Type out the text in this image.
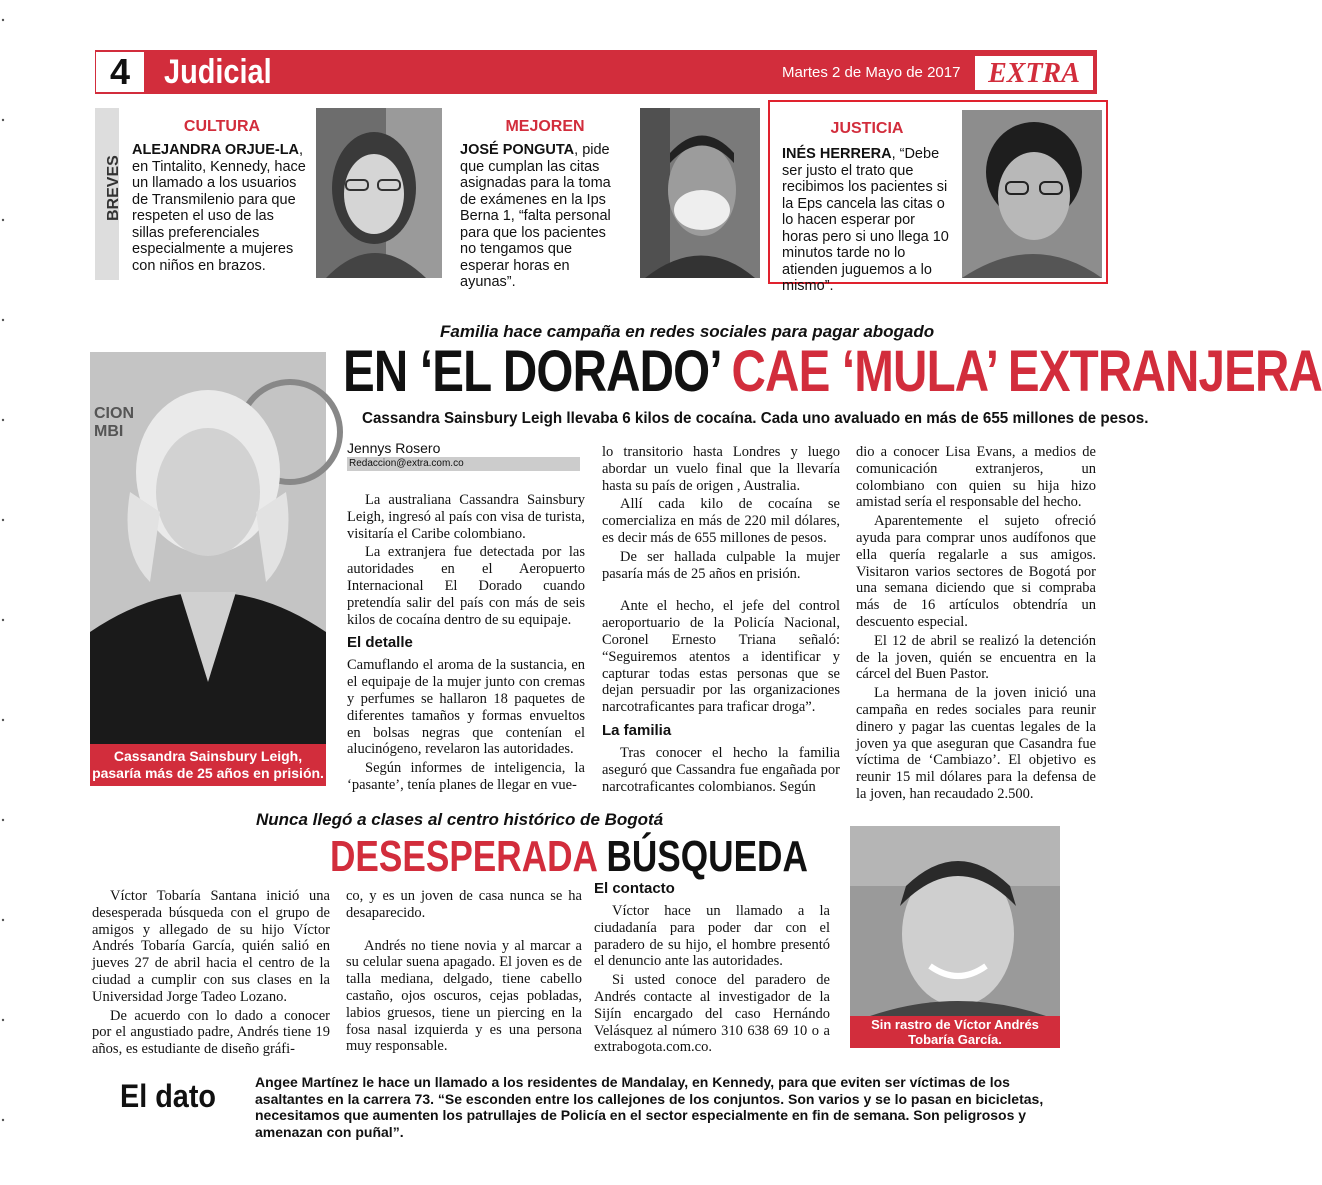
4 Judicial	Martes 2 de Mayo de 2017 EXTRA
BREVES
CULTURA
ALEJANDRA ORJUE-LA, en Tintalito, Kennedy, hace un llamado a los usuarios de Transmilenio para que respeten el uso de las sillas preferenciales especialmente a mujeres con niños en brazos.
MEJOREN
JOSÉ PONGUTA, pide que cumplan las citas asignadas para la toma de exámenes en la Ips Berna 1, “falta personal para que los pacientes no tengamos que esperar horas en ayunas”.
JUSTICIA
INÉS HERRERA, “Debe ser justo el trato que recibimos los pacientes si la Eps cancela las citas o lo hacen esperar por horas pero si uno llega 10 minutos tarde no lo atienden juguemos a lo mismo”.
Familia hace campaña en redes sociales para pagar abogado
EN ‘EL DORADO’ CAE ‘MULA’ EXTRANJERA
Cassandra Sainsbury Leigh llevaba 6 kilos de cocaína. Cada uno avaluado en más de 655 millones de pesos.
CION
MBI
Cassandra Sainsbury Leigh, pasaría más de 25 años en prisión.
Jennys Rosero
Redaccion@extra.com.co

La australiana Cassandra Sainsbury Leigh, ingresó al país con visa de turista, visitaría el Caribe colombiano.

La extranjera fue detectada por las autoridades en el Aeropuerto Internacional El Dorado cuando pretendía salir del país con más de seis kilos de cocaína dentro de su equipaje.

El detalle

Camuflando el aroma de la sustancia, en el equipaje de la mujer junto con cremas y perfumes se hallaron 18 paquetes de diferentes tamaños y formas envueltos en bolsas negras que contenían el alucinógeno, revelaron las autoridades.

Según informes de inteligencia, la ‘pasante’, tenía planes de llegar en vue-

lo transitorio hasta Londres y luego abordar un vuelo final que la llevaría hasta su país de origen , Australia.

Allí cada kilo de cocaína se comercializa en más de 220 mil dólares, es decir más de 655 millones de pesos.

De ser hallada culpable la mujer pasaría más de 25 años en prisión.

Ante el hecho, el jefe del control aeroportuario de la Policía Nacional, Coronel Ernesto Triana señaló: “Seguiremos atentos a identificar y capturar todas estas personas que se dejan persuadir por las organizaciones narcotraficantes para traficar droga”.

La familia

Tras conocer el hecho la familia aseguró que Cassandra fue engañada por narcotraficantes colombianos. Según

dio a conocer Lisa Evans, a medios de comunicación extranjeros, un colombiano con quien su hija hizo amistad sería el responsable del hecho.

Aparentemente el sujeto ofreció ayuda para comprar unos audífonos que ella quería regalarle a sus amigos. Visitaron varios sectores de Bogotá por una semana diciendo que si compraba más de 16 artículos obtendría un descuento especial.

El 12 de abril se realizó la detención de la joven, quién se encuentra en la cárcel del Buen Pastor.

La hermana de la joven inició una campaña en redes sociales para reunir dinero y pagar las cuentas legales de la joven ya que aseguran que Casandra fue víctima de ‘Cambiazo’. El objetivo es reunir 15 mil dólares para la defensa de la joven, han recaudado 2.500.

Nunca llegó a clases al centro histórico de Bogotá
DESESPERADA BÚSQUEDA

Víctor Tobaría Santana inició una desesperada búsqueda con el grupo de amigos y allegado de su hijo Víctor Andrés Tobaría García, quién salió en jueves 27 de abril hacia el centro de la ciudad a cumplir con sus clases en la Universidad Jorge Tadeo Lozano.

De acuerdo con lo dado a conocer por el angustiado padre, Andrés tiene 19 años, es estudiante de diseño gráfi-

co, y es un joven de casa nunca se ha desaparecido.

Andrés no tiene novia y al marcar a su celular suena apagado. El joven es de talla mediana, delgado, tiene cabello castaño, ojos oscuros, cejas pobladas, labios gruesos, tiene un piercing en la fosa nasal izquierda y es una persona muy responsable.

El contacto

Víctor hace un llamado a la ciudadanía para poder dar con el paradero de su hijo, el hombre presentó el denuncio ante las autoridades.

Si usted conoce del paradero de Andrés contacte al investigador de la Sijín encargado del caso Hernándo Velásquez al número 310 638 69 10 o a extrabogota.com.co.

Sin rastro de Víctor Andrés Tobaría García.
El dato	Angee Martínez le hace un llamado a los residentes de Mandalay, en Kennedy, para que eviten ser víctimas de los asaltantes en la carrera 73. “Se esconden entre los callejones de los conjuntos. Son varios y se lo pasan en bicicletas, necesitamos que aumenten los patrullajes de Policía en el sector especialmente en fin de semana. Son peligrosos y amenazan con puñal”.
